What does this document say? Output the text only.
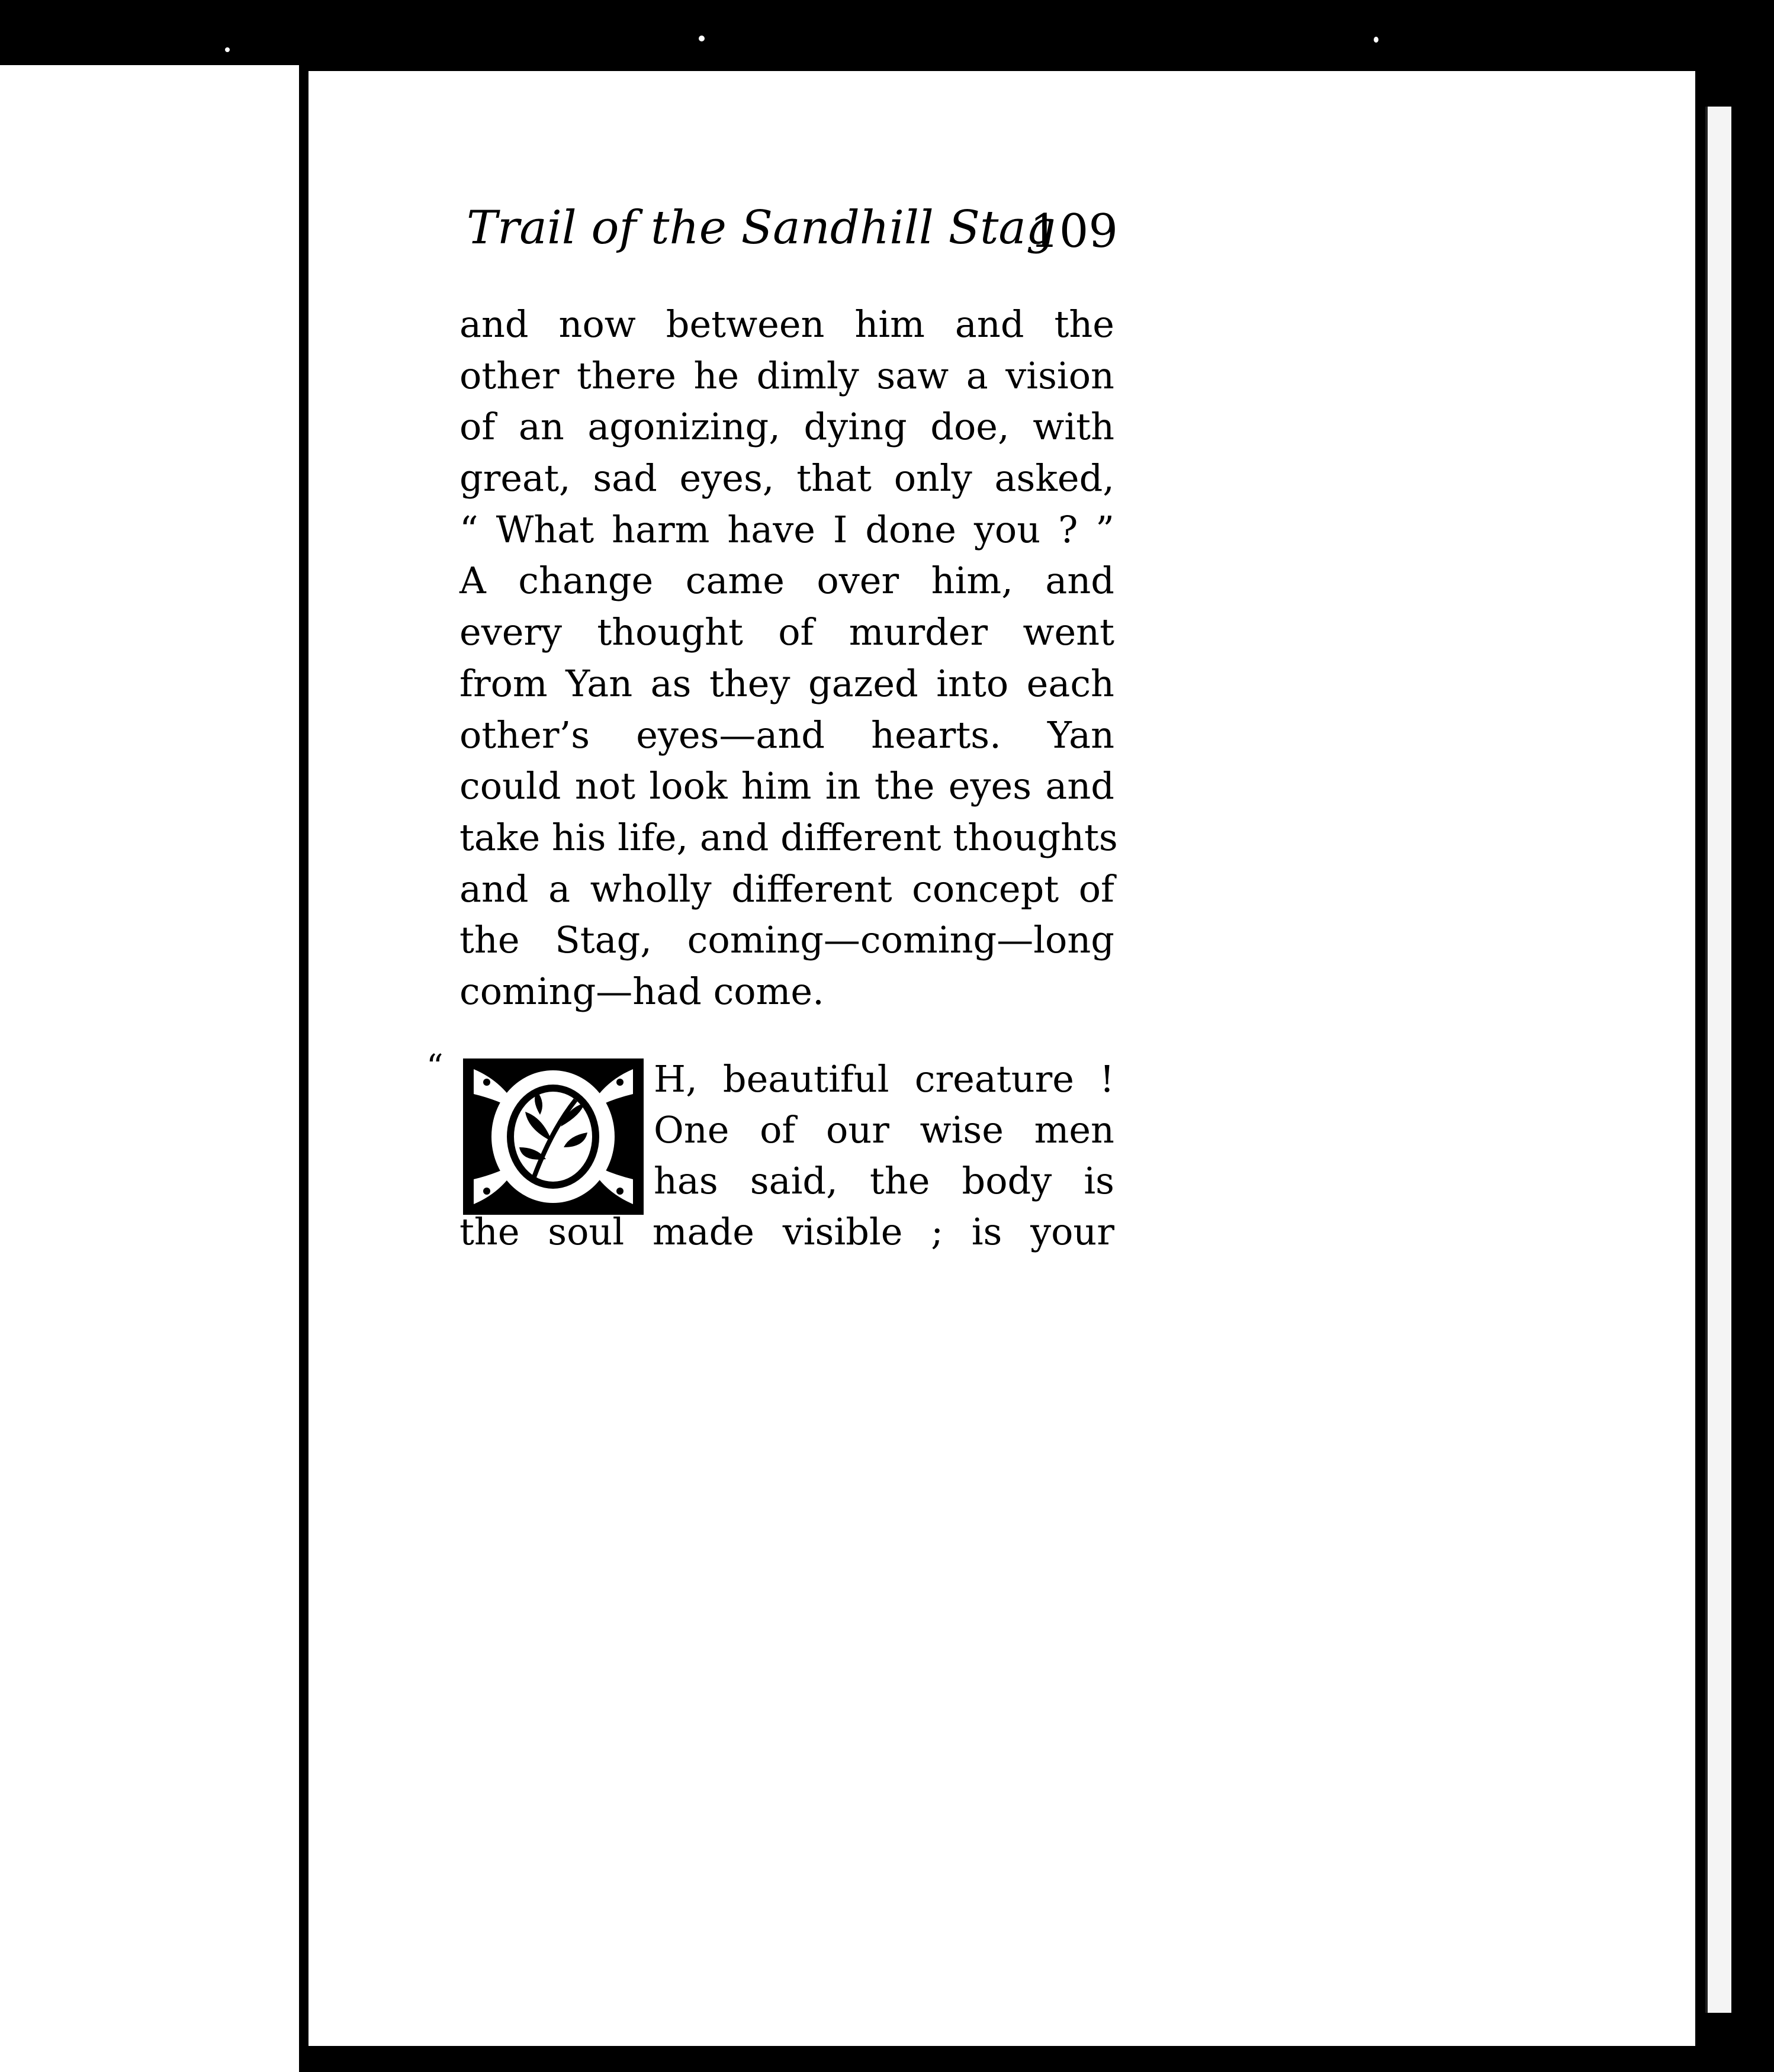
Trail of the Sandhill Stag
109
and now between him and the
other there he dimly saw a vision
of an agonizing, dying doe, with
great, sad eyes, that only asked,
“ What harm have I done you ? ”
A change came over him, and
every thought of murder went
from Yan as they gazed into each
other’s eyes—and hearts. Yan
could not look him in the eyes and
take his life, and different thoughts
and a wholly different concept of
the Stag, coming—coming—long
coming—had come.
“	H, beautiful creature !
One of our wise men
has said, the body is
the soul made visible ; is your
